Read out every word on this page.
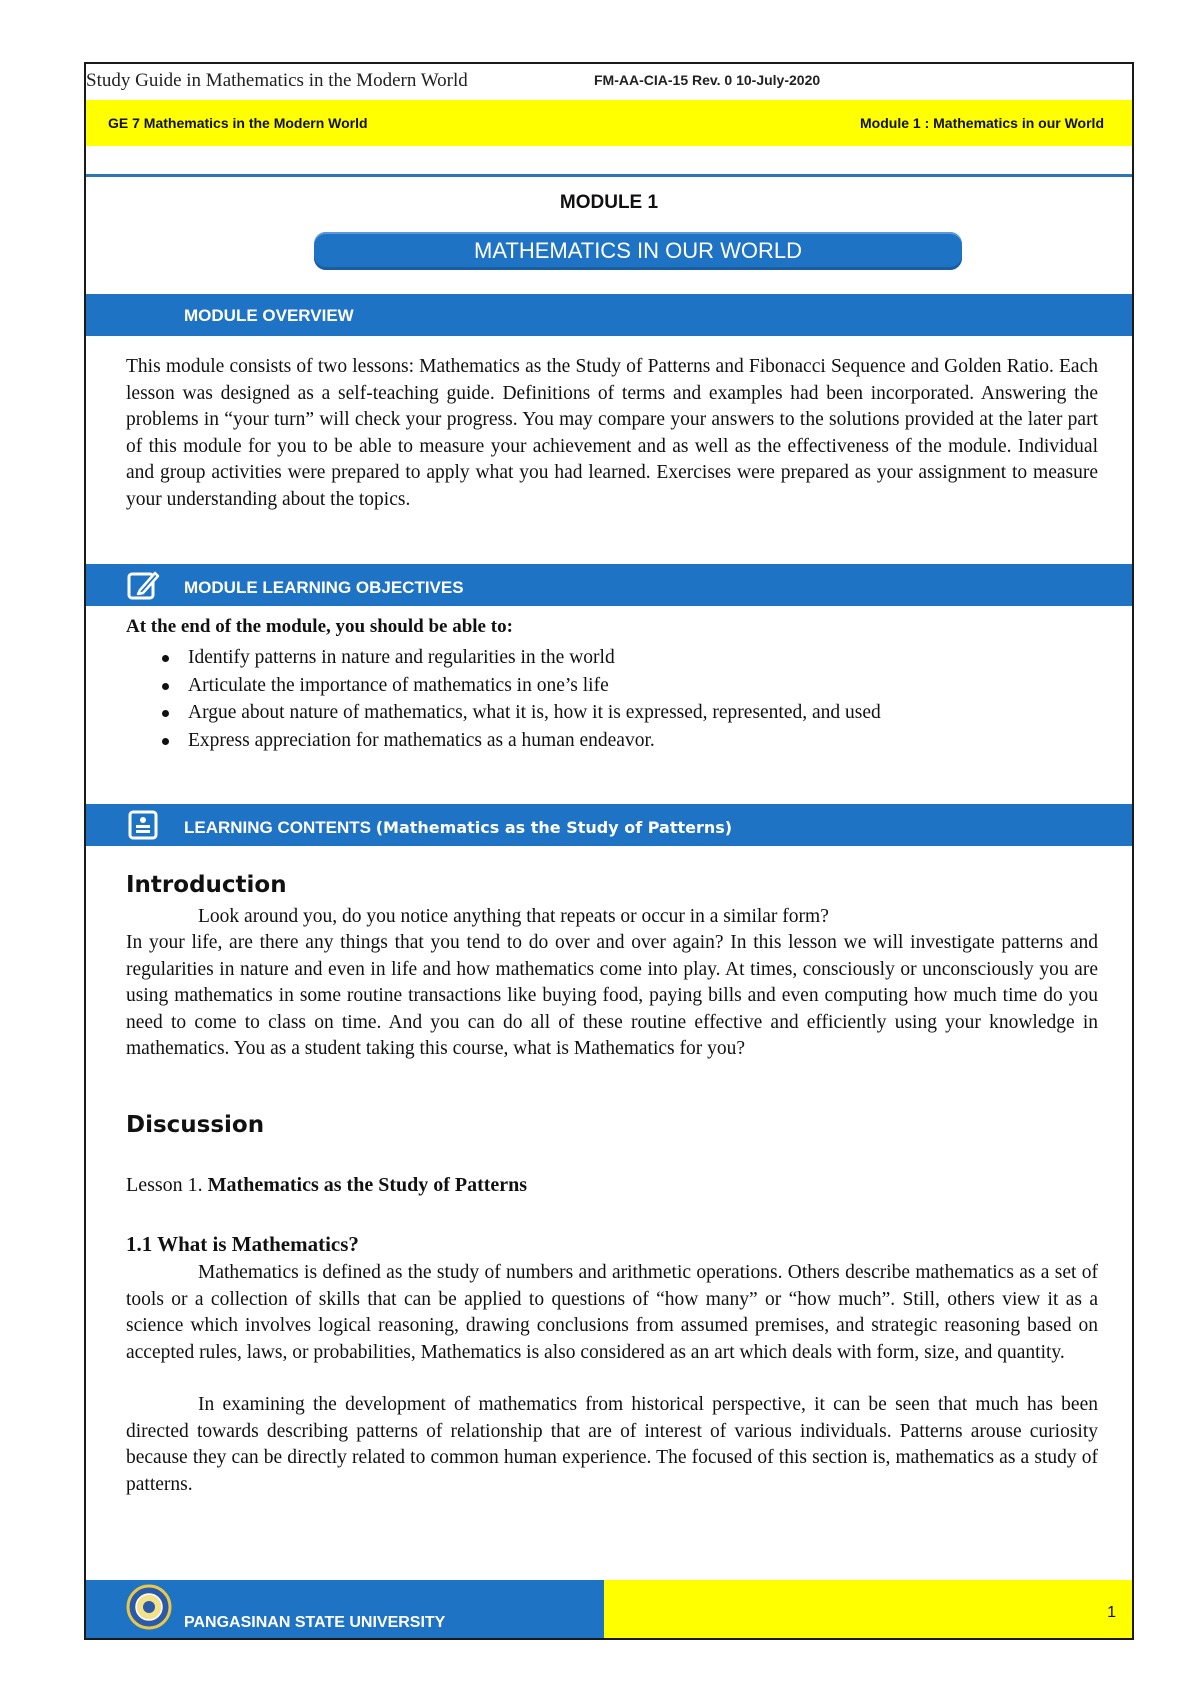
Study Guide in Mathematics in the Modern World	FM-AA-CIA-15 Rev. 0 10-July-2020
GE 7 Mathematics in the Modern World	Module 1 : Mathematics in our World
MODULE 1
MATHEMATICS IN OUR WORLD
MODULE OVERVIEW
This module consists of two lessons: Mathematics as the Study of Patterns and Fibonacci Sequence and Golden Ratio. Each lesson was designed as a self-teaching guide. Definitions of terms and examples had been incorporated. Answering the problems in “your turn” will check your progress. You may compare your answers to the solutions provided at the later part of this module for you to be able to measure your achievement and as well as the effectiveness of the module. Individual and group activities were prepared to apply what you had learned. Exercises were prepared as your assignment to measure your understanding about the topics.
MODULE LEARNING OBJECTIVES
At the end of the module, you should be able to:
Identify patterns in nature and regularities in the world
Articulate the importance of mathematics in one’s life
Argue about nature of mathematics, what it is, how it is expressed, represented, and used
Express appreciation for mathematics as a human endeavor.
LEARNING CONTENTS (Mathematics as the Study of Patterns)
Introduction
Look around you, do you notice anything that repeats or occur in a similar form?
In your life, are there any things that you tend to do over and over again? In this lesson we will investigate patterns and regularities in nature and even in life and how mathematics come into play. At times, consciously or unconsciously you are using mathematics in some routine transactions like buying food, paying bills and even computing how much time do you need to come to class on time. And you can do all of these routine effective and efficiently using your knowledge in mathematics. You as a student taking this course, what is Mathematics for you?
Discussion
Lesson 1. Mathematics as the Study of Patterns
1.1 What is Mathematics?
Mathematics is defined as the study of numbers and arithmetic operations. Others describe mathematics as a set of tools or a collection of skills that can be applied to questions of “how many” or “how much”. Still, others view it as a science which involves logical reasoning, drawing conclusions from assumed premises, and strategic reasoning based on accepted rules, laws, or probabilities, Mathematics is also considered as an art which deals with form, size, and quantity.
In examining the development of mathematics from historical perspective, it can be seen that much has been directed towards describing patterns of relationship that are of interest of various individuals. Patterns arouse curiosity because they can be directly related to common human experience. The focused of this section is, mathematics as a study of patterns.
PANGASINAN STATE UNIVERSITY
1
